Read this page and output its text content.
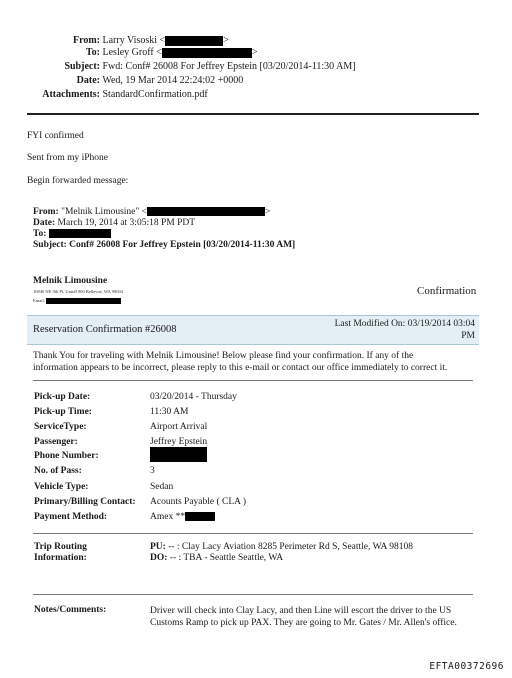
From: Larry Visoski <	>
To: Lesley Groff <	>
Subject: Fwd: Conf# 26008 For Jeffrey Epstein [03/20/2014-11:30 AM]
Date: Wed, 19 Mar 2014 22:24:02 +0000
Attachments: StandardConfirmation.pdf
FYI confirmed
Sent from my iPhone
Begin forwarded message:
From: "Melnik Limousine" <	>
Date: March 19, 2014 at 3:05:18 PM PDT
To:
Subject: Conf# 26008 For Jeffrey Epstein [03/20/2014-11:30 AM]
Melnik Limousine
10840 NE 9th Pl, Unit#1900 Bellevue, WA 98004
Email:
Confirmation
Reservation Confirmation #26008	Last Modified On: 03/19/2014 03:04
PM
Thank You for traveling with Melnik Limousine! Below please find your confirmation. If any of the
information appears to be incorrect, please reply to this e-mail or contact our office immediately to correct it.
Pick-up Date:	03/20/2014 - Thursday
Pick-up Time:	11:30 AM
ServiceType:	Airport Arrival
Passenger:	Jeffrey Epstein
Phone Number:
No. of Pass:	3
Vehicle Type:	Sedan
Primary/Billing Contact: Acounts Payable ( CLA )
Payment Method:	Amex **
Trip Routing
Information:
PU: -- : Clay Lacy Aviation 8285 Perimeter Rd S, Seattle, WA 98108
DO: -- : TBA - Seattle Seattle, WA
Notes/Comments:	Driver will check into Clay Lacy, and then Line will escort the driver to the US
Customs Ramp to pick up PAX. They are going to Mr. Gates / Mr. Allen's office.
EFTA00372696
